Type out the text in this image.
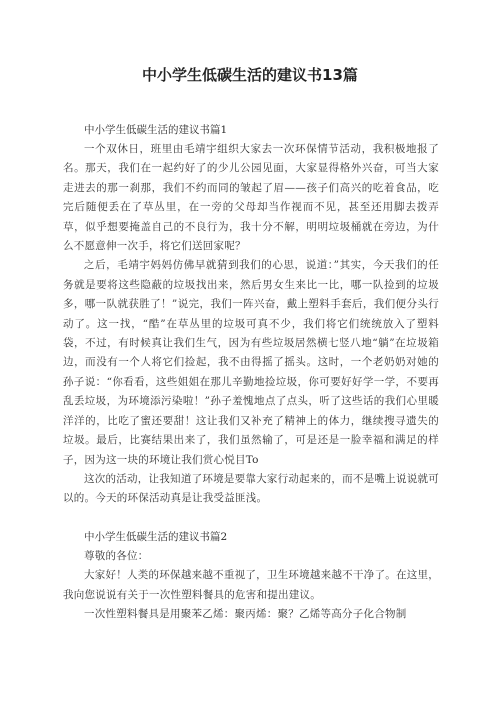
中小学生低碳生活的建议书13篇

中小学生低碳生活的建议书篇1

一个双休日，班里由毛靖宇组织大家去一次环保情节活动，我积极地报了名。那天，我们在一起约好了的少儿公园见面，大家显得格外兴奋，可当大家走进去的那一刹那，我们不约而同的皱起了眉——孩子们高兴的吃着食品，吃完后随便丢在了草丛里，在一旁的父母却当作视而不见，甚至还用脚去拨弄草，似乎想要掩盖自己的不良行为，我十分不解，明明垃圾桶就在旁边，为什么不愿意伸一次手，将它们送回家呢？

之后，毛靖宇妈妈仿佛早就猜到我们的心思，说道：”其实，今天我们的任务就是要将这些隐蔽的垃圾找出来，然后男女生来比一比，哪一队捡到的垃圾多，哪一队就获胜了！”说完，我们一阵兴奋，戴上塑料手套后，我们便分头行动了。这一找，“酷”在草丛里的垃圾可真不少，我们将它们统统放入了塑料袋，不过，有时候真让我们生气，因为有些垃圾居然横七竖八地“躺”在垃圾箱边，而没有一个人将它们捡起，我不由得摇了摇头。这时，一个老奶奶对她的孙子说：“你看看，这些姐姐在那儿辛勤地捡垃圾，你可要好好学一学，不要再乱丢垃圾，为环境添污染啦！”孙子羞愧地点了点头，听了这些话的我们心里暖洋洋的，比吃了蜜还要甜！这让我们又补充了精神上的体力，继续搜寻遗失的垃圾。最后，比赛结果出来了，我们虽然输了，可是还是一脸幸福和满足的样子，因为这一块的环境让我们赏心悦目To

这次的活动，让我知道了环境是要靠大家行动起来的，而不是嘴上说说就可以的。今天的环保活动真是让我受益匪浅。

中小学生低碳生活的建议书篇2

尊敬的各位：

大家好！人类的环保越来越不重视了，卫生环境越来越不干净了。在这里，我向您说说有关于一次性塑料餐具的危害和提出建议。

一次性塑料餐具是用聚苯乙烯：聚丙烯：聚？乙烯等高分子化合物制
